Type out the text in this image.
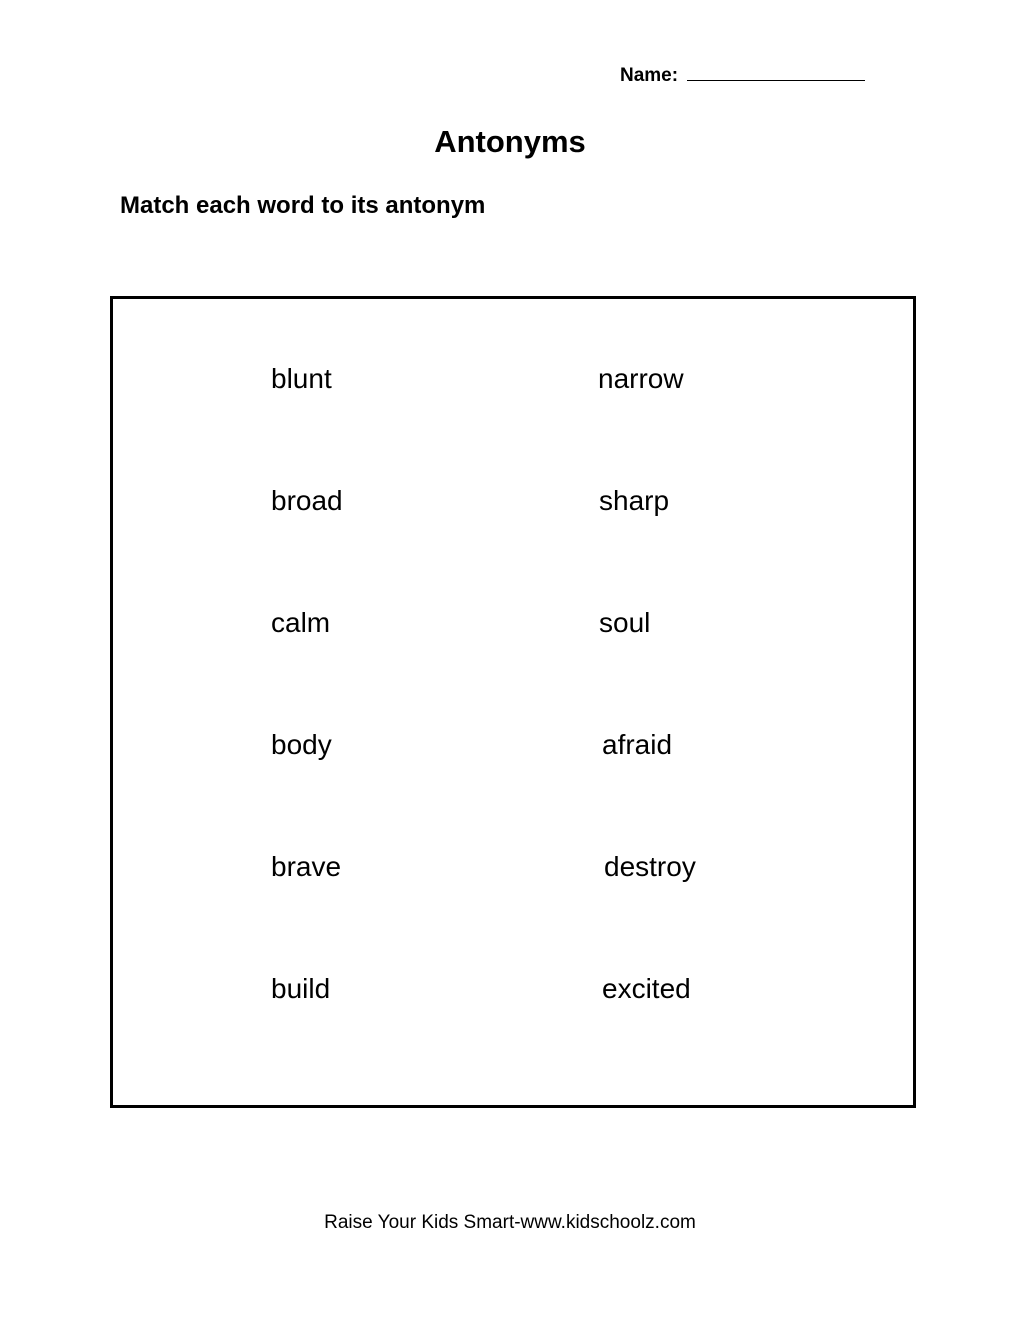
Name:
Antonyms
Match each word to its antonym
blunt
broad
calm
body
brave
build
narrow
sharp
soul
afraid
destroy
excited
Raise Your Kids Smart-www.kidschoolz.com
